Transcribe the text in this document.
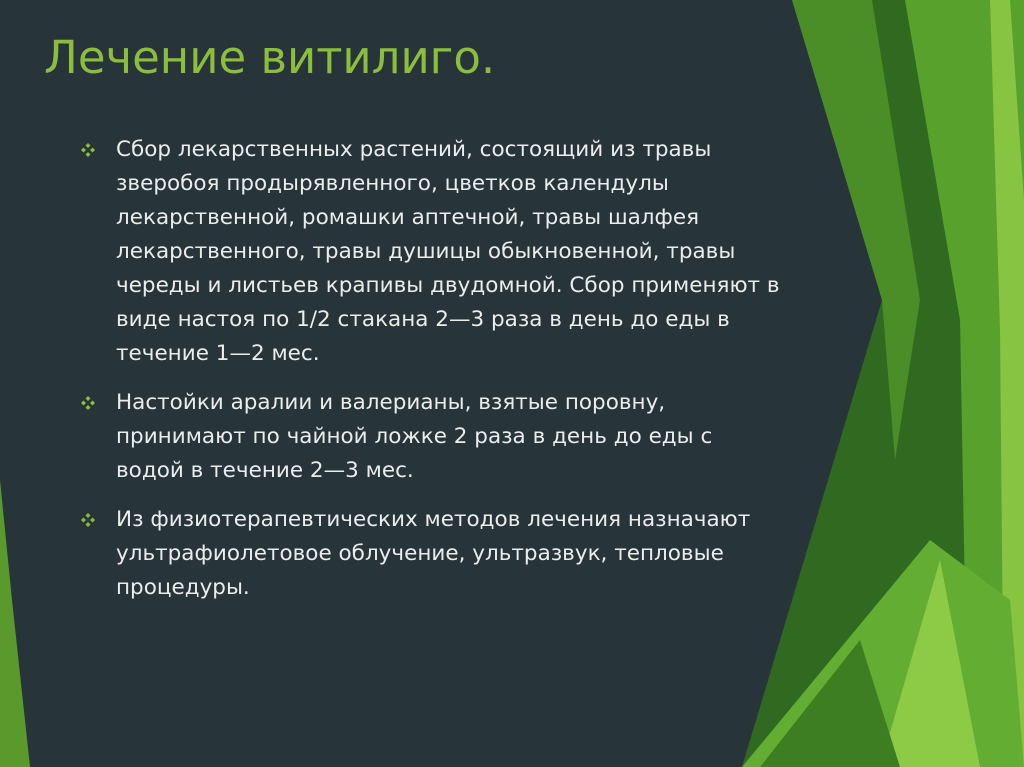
Лечение витилиго.
Сбор лекарственных растений, состоящий из травы зверобоя продырявленного, цветков календулы лекарственной, ромашки аптечной, травы шалфея лекарственного, травы душицы обыкновенной, травы череды и листьев крапивы двудомной. Сбор применяют в виде настоя по 1/2 стакана 2—3 раза в день до еды в течение 1—2 мес.
Настойки аралии и валерианы, взятые поровну, принимают по чайной ложке 2 раза в день до еды с водой в течение 2—3 мес.
Из физиотерапевтических методов лечения назначают ультрафиолетовое облучение, ультразвук, тепловые процедуры.
